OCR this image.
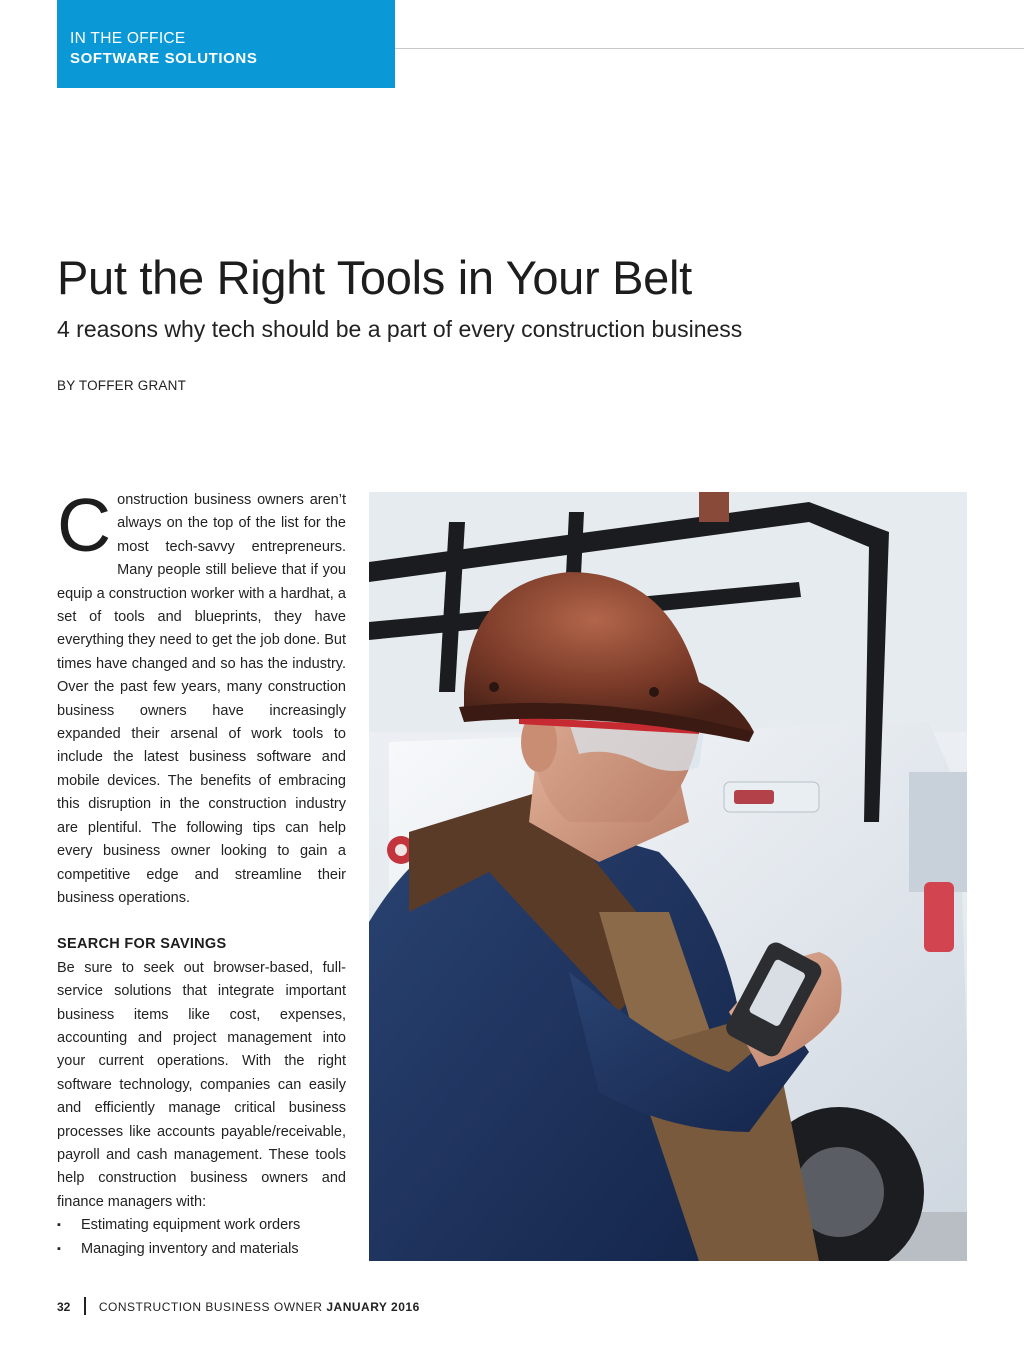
IN THE OFFICE
SOFTWARE SOLUTIONS
Put the Right Tools in Your Belt
4 reasons why tech should be a part of every construction business
BY TOFFER GRANT

Construction business owners aren’t always on the top of the list for the most tech-savvy entrepreneurs. Many people still believe that if you equip a construction worker with a hardhat, a set of tools and blueprints, they have everything they need to get the job done. But times have changed and so has the industry. Over the past few years, many construction business owners have increasingly expanded their arsenal of work tools to include the latest business software and mobile devices. The benefits of embracing this disruption in the construction industry are plentiful. The following tips can help every business owner looking to gain a competitive edge and streamline their business operations.

SEARCH FOR SAVINGS

Be sure to seek out browser-based, full-service solutions that integrate important business items like cost, expenses, accounting and project management into your current operations. With the right software technology, companies can easily and efficiently manage critical business processes like accounts payable/receivable, payroll and cash management. These tools help construction business owners and finance managers with:

▪ Estimating equipment work orders
▪ Managing inventory and materials
32 CONSTRUCTION BUSINESS OWNER JANUARY 2016
